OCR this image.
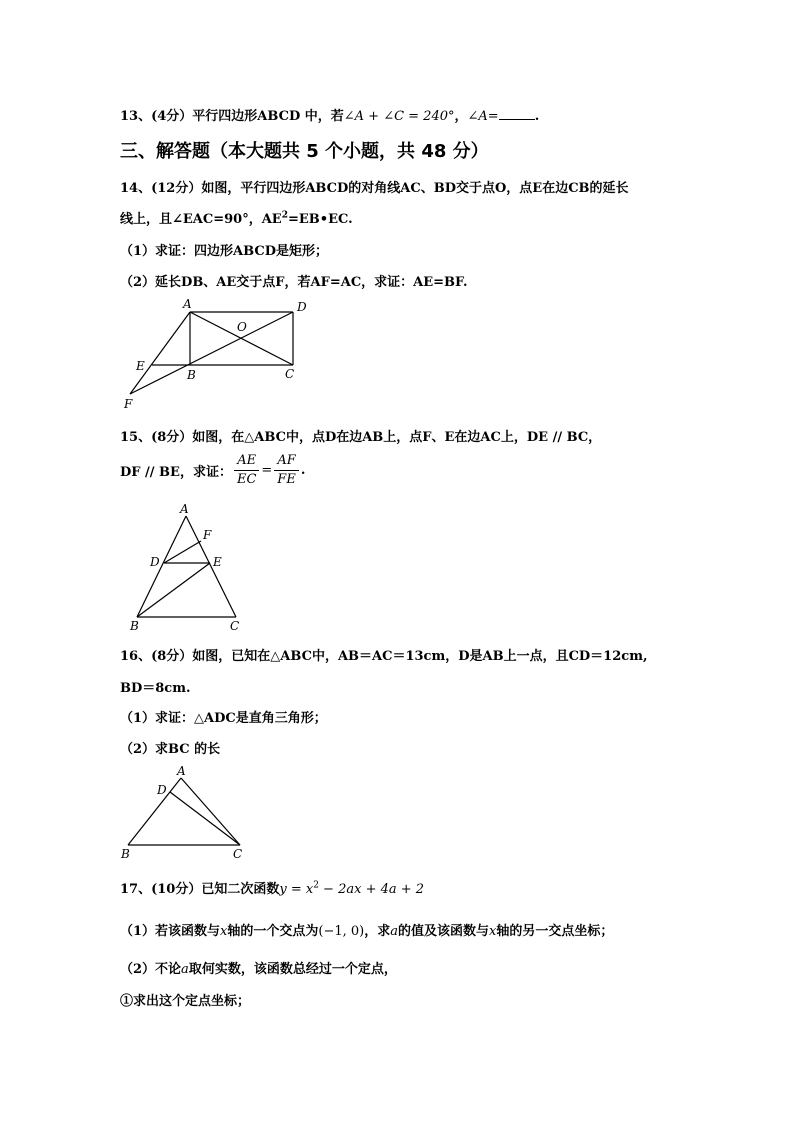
13、(4分）平行四边形ABCD 中，若∠A + ∠C = 240°，∠A=	.
三、解答题（本大题共 5 个小题，共 48 分）
14、(12分）如图，平行四边形ABCD的对角线AC、BD交于点O，点E在边CB的延长
线上，且∠EAC=90°，$AE^2=EB•EC$.
（1）求证：四边形ABCD是矩形；
（2）延长DB、AE交于点F，若AF=AC，求证：AE=BF.
A	D
O
E
B	C
F
15、(8分）如图，在△ABC中，点D在边AB上，点F、E在边AC上，DE // BC，
DF // BE，求证： $\frac{AE}{EC} = \frac{AF}{FE}$ .
A
F
D	E
B	C
16、(8分）如图，已知在△ABC中，AB＝AC＝13cm，D是AB上一点，且CD＝12cm,
BD＝8cm.
（1）求证：△ADC是直角三角形；
（2）求BC 的长
A
D
B	C
17、(10分）已知二次函数$y = x^2 - 2ax + 4a + 2$
（1）若该函数与x轴的一个交点为(−1, 0)，求a的值及该函数与x轴的另一交点坐标；
（2）不论a取何实数，该函数总经过一个定点，
①求出这个定点坐标；
